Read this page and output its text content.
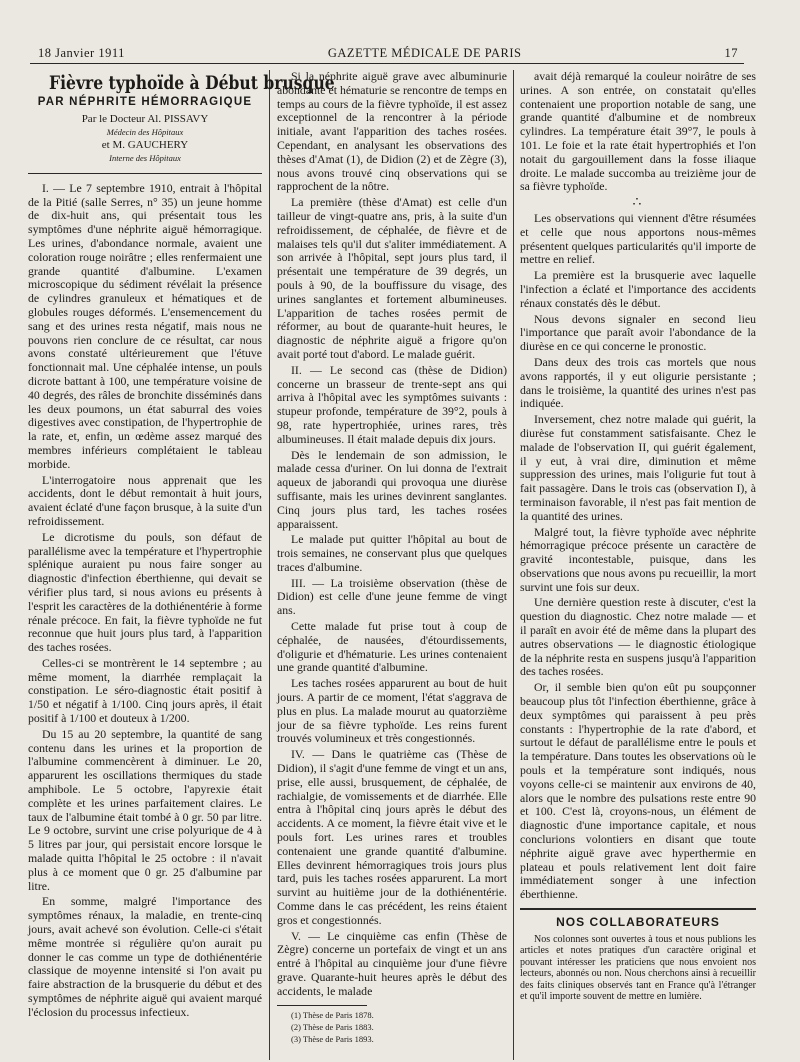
18 Janvier 1911	GAZETTE MÉDICALE DE PARIS	17
Fièvre typhoïde à Début brusque
PAR NÉPHRITE HÉMORRAGIQUE
Par le Docteur Al. PISSAVY
Médecin des Hôpitaux
et M. GAUCHERY
Interne des Hôpitaux

I. — Le 7 septembre 1910, entrait à l'hôpital de la Pitié (salle Serres, n° 35) un jeune homme de dix-huit ans, qui présentait tous les symptômes d'une néphrite aiguë hémorragique. Les urines, d'abondance normale, avaient une coloration rouge noirâtre ; elles renfermaient une grande quantité d'albumine. L'examen microscopique du sédiment révélait la présence de cylindres granuleux et hématiques et de globules rouges déformés. L'ensemencement du sang et des urines resta négatif, mais nous ne pouvons rien conclure de ce résultat, car nous avons constaté ultérieurement que l'étuve fonctionnait mal. Une céphalée intense, un pouls dicrote battant à 100, une température voisine de 40 degrés, des râles de bronchite disséminés dans les deux poumons, un état saburral des voies digestives avec constipation, de l'hypertrophie de la rate, et, enfin, un œdème assez marqué des membres inférieurs complétaient le tableau morbide.

L'interrogatoire nous apprenait que les accidents, dont le début remontait à huit jours, avaient éclaté d'une façon brusque, à la suite d'un refroidissement.

Le dicrotisme du pouls, son défaut de parallélisme avec la température et l'hypertrophie splénique auraient pu nous faire songer au diagnostic d'infection éberthienne, qui devait se vérifier plus tard, si nous avions eu présents à l'esprit les caractères de la dothiénentérie à forme rénale précoce. En fait, la fièvre typhoïde ne fut reconnue que huit jours plus tard, à l'apparition des taches rosées.

Celles-ci se montrèrent le 14 septembre ; au même moment, la diarrhée remplaçait la constipation. Le séro-diagnostic était positif à 1/50 et négatif à 1/100. Cinq jours après, il était positif à 1/100 et douteux à 1/200.

Du 15 au 20 septembre, la quantité de sang contenu dans les urines et la proportion de l'albumine commencèrent à diminuer. Le 20, apparurent les oscillations thermiques du stade amphibole. Le 5 octobre, l'apyrexie était complète et les urines parfaitement claires. Le taux de l'albumine était tombé à 0 gr. 50 par litre. Le 9 octobre, survint une crise polyurique de 4 à 5 litres par jour, qui persistait encore lorsque le malade quitta l'hôpital le 25 octobre : il n'avait plus à ce moment que 0 gr. 25 d'albumine par litre.

En somme, malgré l'importance des symptômes rénaux, la maladie, en trente-cinq jours, avait achevé son évolution. Celle-ci s'était même montrée si régulière qu'on aurait pu donner le cas comme un type de dothiénentérie classique de moyenne intensité si l'on avait pu faire abstraction de la brusquerie du début et des symptômes de néphrite aiguë qui avaient marqué l'éclosion du processus infectieux.

Si la néphrite aiguë grave avec albuminurie abondante et hématurie se rencontre de temps en temps au cours de la fièvre typhoïde, il est assez exceptionnel de la rencontrer à la période initiale, avant l'apparition des taches rosées. Cependant, en analysant les observations des thèses d'Amat (1), de Didion (2) et de Zègre (3), nous avons trouvé cinq observations qui se rapprochent de la nôtre.

La première (thèse d'Amat) est celle d'un tailleur de vingt-quatre ans, pris, à la suite d'un refroidissement, de céphalée, de fièvre et de malaises tels qu'il dut s'aliter immédiatement. A son arrivée à l'hôpital, sept jours plus tard, il présentait une température de 39 degrés, un pouls à 90, de la bouffissure du visage, des urines sanglantes et fortement albumineuses. L'apparition de taches rosées permit de réformer, au bout de quarante-huit heures, le diagnostic de néphrite aiguë a frigore qu'on avait porté tout d'abord. Le malade guérit.

II. — Le second cas (thèse de Didion) concerne un brasseur de trente-sept ans qui arriva à l'hôpital avec les symptômes suivants : stupeur profonde, température de 39°2, pouls à 98, rate hypertrophiée, urines rares, très albumineuses. Il était malade depuis dix jours.

Dès le lendemain de son admission, le malade cessa d'uriner. On lui donna de l'extrait aqueux de jaborandi qui provoqua une diurèse suffisante, mais les urines devinrent sanglantes. Cinq jours plus tard, les taches rosées apparaissent.

Le malade put quitter l'hôpital au bout de trois semaines, ne conservant plus que quelques traces d'albumine.

III. — La troisième observation (thèse de Didion) est celle d'une jeune femme de vingt ans.

Cette malade fut prise tout à coup de céphalée, de nausées, d'étourdissements, d'oligurie et d'hématurie. Les urines contenaient une grande quantité d'albumine.

Les taches rosées apparurent au bout de huit jours. A partir de ce moment, l'état s'aggrava de plus en plus. La malade mourut au quatorzième jour de sa fièvre typhoïde. Les reins furent trouvés volumineux et très congestionnés.

IV. — Dans le quatrième cas (Thèse de Didion), il s'agit d'une femme de vingt et un ans, prise, elle aussi, brusquement, de céphalée, de rachialgie, de vomissements et de diarrhée. Elle entra à l'hôpital cinq jours après le début des accidents. A ce moment, la fièvre était vive et le pouls fort. Les urines rares et troubles contenaient une grande quantité d'albumine. Elles devinrent hémorragiques trois jours plus tard, puis les taches rosées apparurent. La mort survint au huitième jour de la dothiénentérie. Comme dans le cas précédent, les reins étaient gros et congestionnés.

V. — Le cinquième cas enfin (Thèse de Zègre) concerne un portefaix de vingt et un ans entré à l'hôpital au cinquième jour d'une fièvre grave. Quarante-huit heures après le début des accidents, le malade

(1) Thèse de Paris 1878.

(2) Thèse de Paris 1883.

(3) Thèse de Paris 1893.

avait déjà remarqué la couleur noirâtre de ses urines. A son entrée, on constatait qu'elles contenaient une proportion notable de sang, une grande quantité d'albumine et de nombreux cylindres. La température était 39°7, le pouls à 101. Le foie et la rate était hypertrophiés et l'on notait du gargouillement dans la fosse iliaque droite. Le malade succomba au treizième jour de sa fièvre typhoïde.

∴

Les observations qui viennent d'être résumées et celle que nous apportons nous-mêmes présentent quelques particularités qu'il importe de mettre en relief.

La première est la brusquerie avec laquelle l'infection a éclaté et l'importance des accidents rénaux constatés dès le début.

Nous devons signaler en second lieu l'importance que paraît avoir l'abondance de la diurèse en ce qui concerne le pronostic.

Dans deux des trois cas mortels que nous avons rapportés, il y eut oligurie persistante ; dans le troisième, la quantité des urines n'est pas indiquée.

Inversement, chez notre malade qui guérit, la diurèse fut constamment satisfaisante. Chez le malade de l'observation II, qui guérit également, il y eut, à vrai dire, diminution et même suppression des urines, mais l'oligurie fut tout à fait passagère. Dans le trois cas (observation I), à terminaison favorable, il n'est pas fait mention de la quantité des urines.

Malgré tout, la fièvre typhoïde avec néphrite hémorragique précoce présente un caractère de gravité incontestable, puisque, dans les observations que nous avons pu recueillir, la mort survint une fois sur deux.

Une dernière question reste à discuter, c'est la question du diagnostic. Chez notre malade — et il paraît en avoir été de même dans la plupart des autres observations — le diagnostic étiologique de la néphrite resta en suspens jusqu'à l'apparition des taches rosées.

Or, il semble bien qu'on eût pu soupçonner beaucoup plus tôt l'infection éberthienne, grâce à deux symptômes qui paraissent à peu près constants : l'hypertrophie de la rate d'abord, et surtout le défaut de parallélisme entre le pouls et la température. Dans toutes les observations où le pouls et la température sont indiqués, nous voyons celle-ci se maintenir aux environs de 40, alors que le nombre des pulsations reste entre 90 et 100. C'est là, croyons-nous, un élément de diagnostic d'une importance capitale, et nous conclurions volontiers en disant que toute néphrite aiguë grave avec hyperthermie en plateau et pouls relativement lent doit faire immédiatement songer à une infection éberthienne.

NOS COLLABORATEURS

Nos colonnes sont ouvertes à tous et nous publions les articles et notes pratiques d'un caractère original et pouvant intéresser les praticiens que nous envoient nos lecteurs, abonnés ou non. Nous cherchons ainsi à recueillir des faits cliniques observés tant en France qu'à l'étranger et qu'il importe souvent de mettre en lumière.
